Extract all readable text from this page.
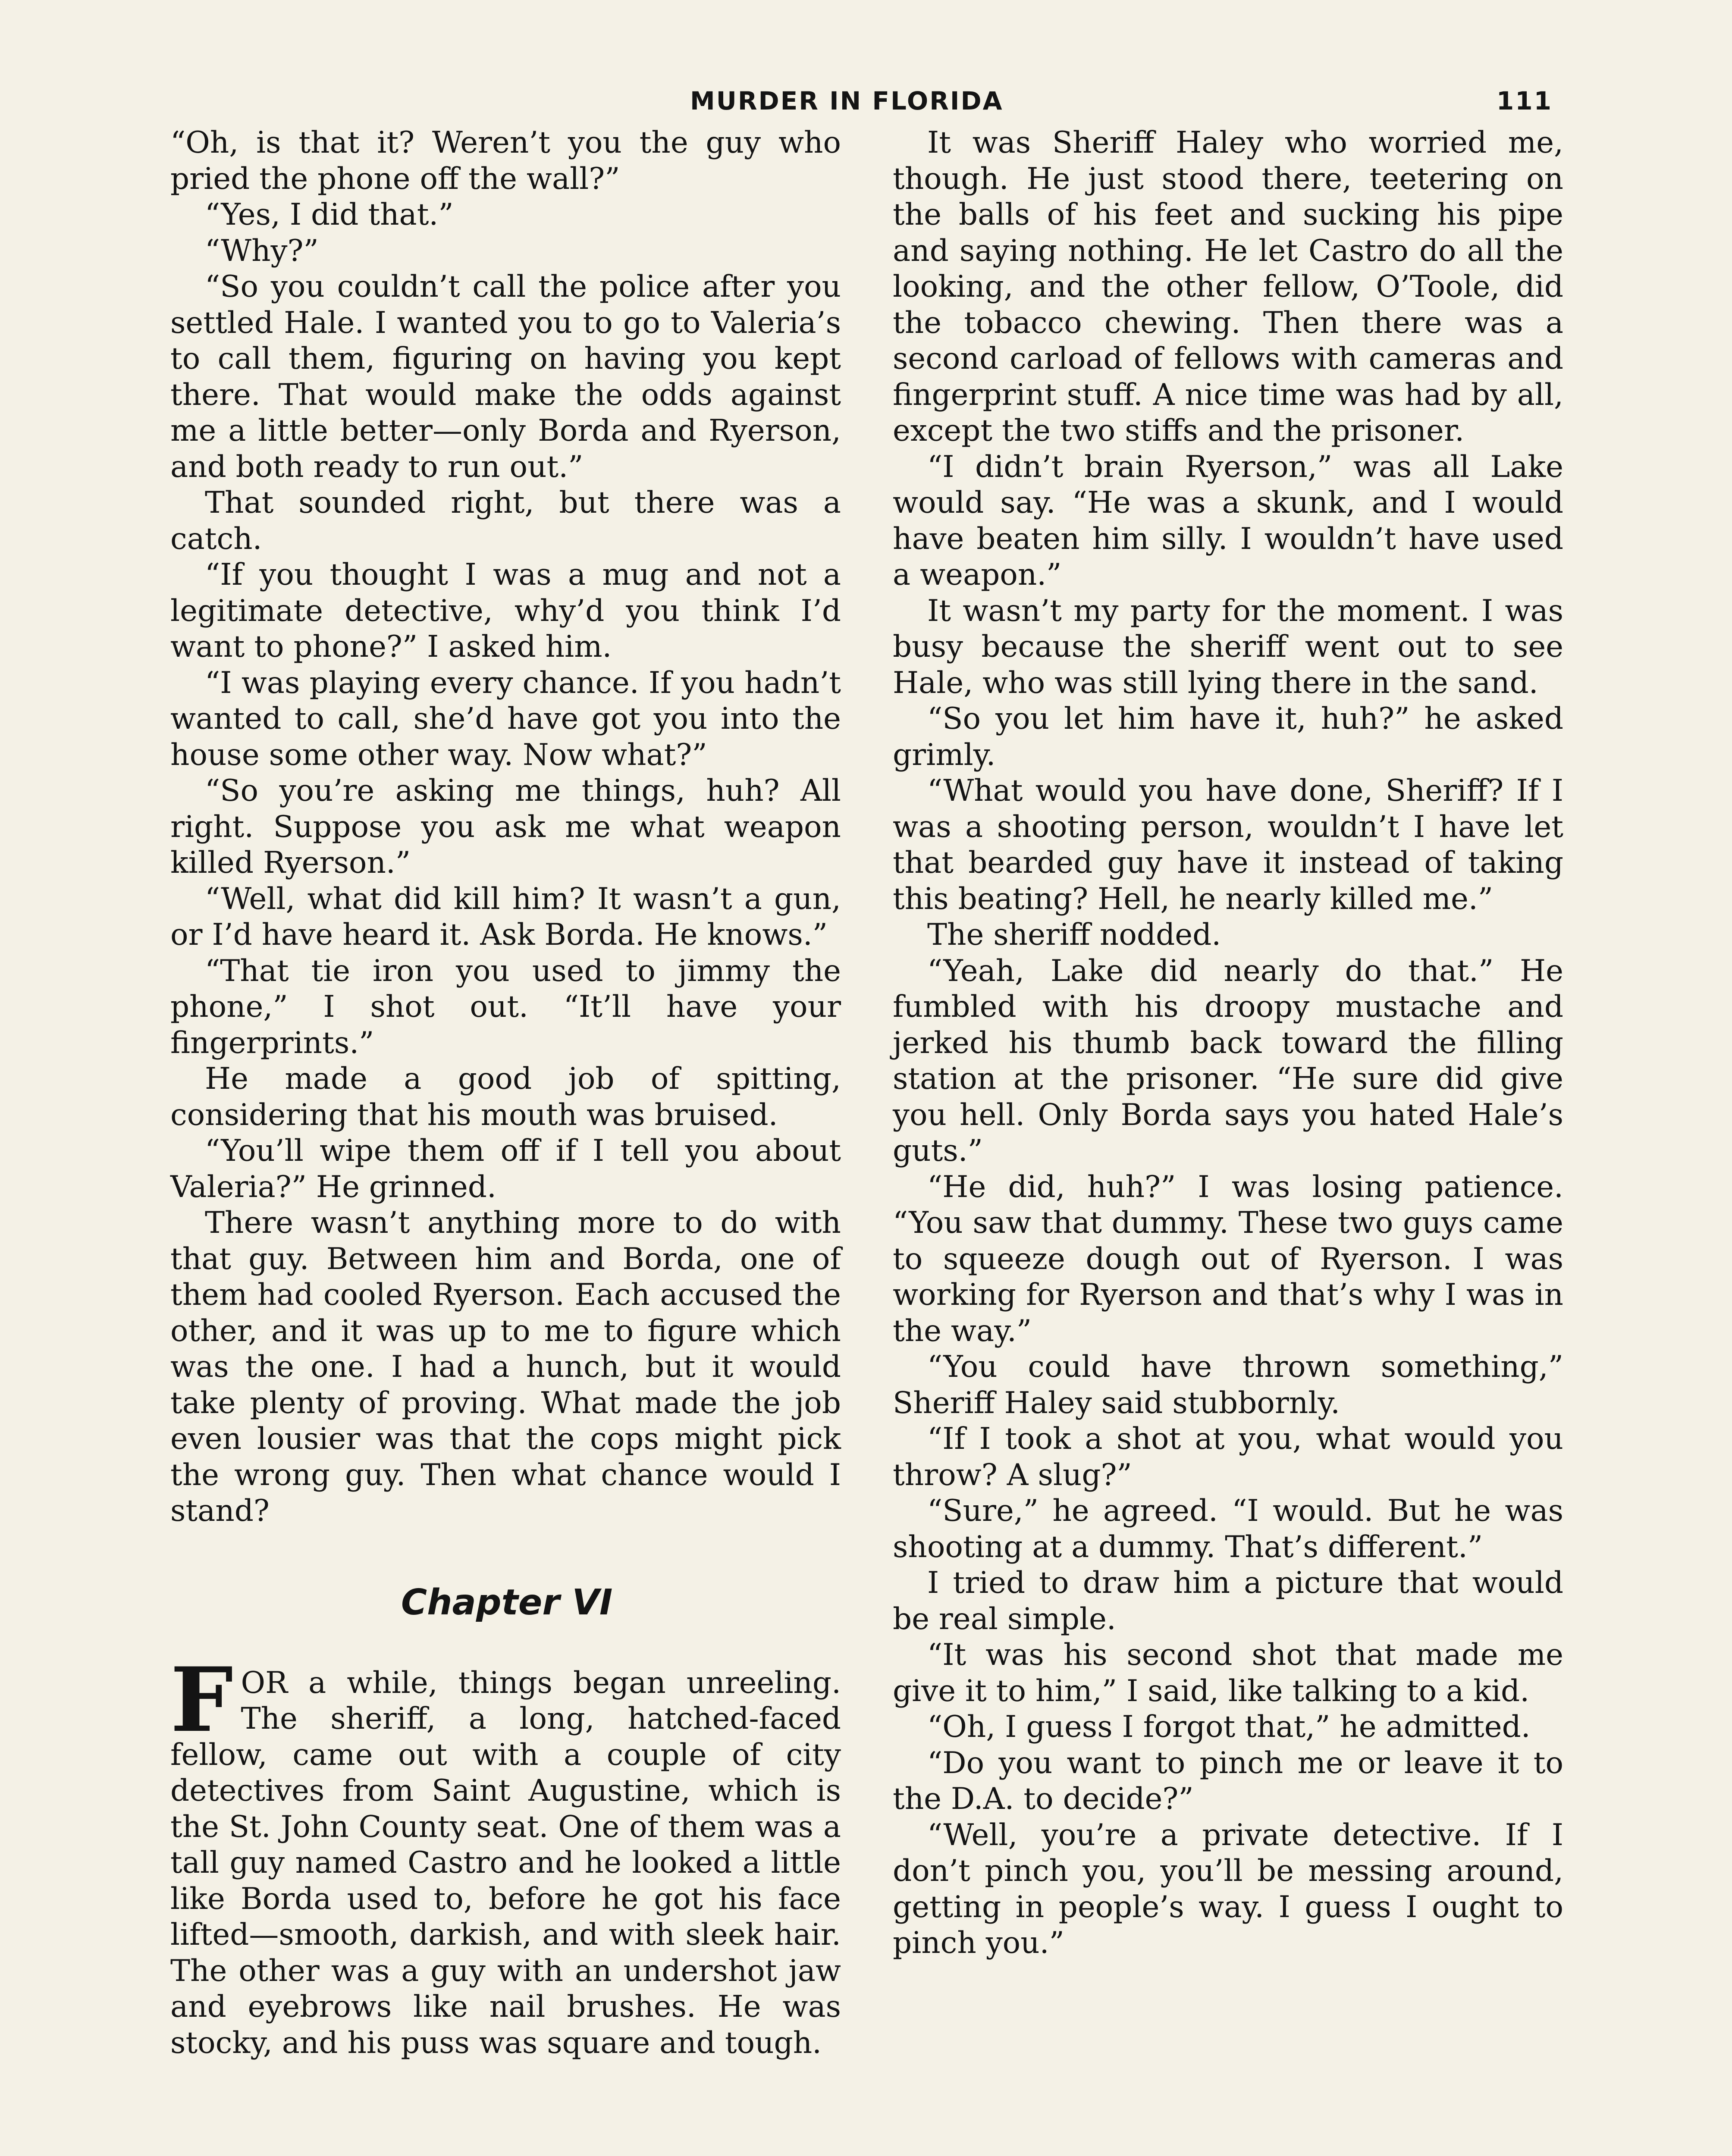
MURDER IN FLORIDA	111

“Oh, is that it? Weren’t you the guy who pried the phone off the wall?”

“Yes, I did that.”

“Why?”

“So you couldn’t call the police after you settled Hale. I wanted you to go to Valeria’s to call them, figuring on having you kept there. That would make the odds against me a little better—only Borda and Ryerson, and both ready to run out.”

That sounded right, but there was a catch.

“If you thought I was a mug and not a legitimate detective, why’d you think I’d want to phone?” I asked him.

“I was playing every chance. If you hadn’t wanted to call, she’d have got you into the house some other way. Now what?”

“So you’re asking me things, huh? All right. Suppose you ask me what weapon killed Ryerson.”

“Well, what did kill him? It wasn’t a gun, or I’d have heard it. Ask Borda. He knows.”

“That tie iron you used to jimmy the phone,” I shot out. “It’ll have your fingerprints.”

He made a good job of spitting, considering that his mouth was bruised.

“You’ll wipe them off if I tell you about Valeria?” He grinned.

There wasn’t anything more to do with that guy. Between him and Borda, one of them had cooled Ryerson. Each accused the other, and it was up to me to figure which was the one. I had a hunch, but it would take plenty of proving. What made the job even lousier was that the cops might pick the wrong guy. Then what chance would I stand?

Chapter VI

FOR a while, things began unreeling. The sheriff, a long, hatched-faced fellow, came out with a couple of city detectives from Saint Augustine, which is the St. John County seat. One of them was a tall guy named Castro and he looked a little like Borda used to, before he got his face lifted—smooth, darkish, and with sleek hair. The other was a guy with an undershot jaw and eyebrows like nail brushes. He was stocky, and his puss was square and tough.

It was Sheriff Haley who worried me, though. He just stood there, teetering on the balls of his feet and sucking his pipe and saying nothing. He let Castro do all the looking, and the other fellow, O’Toole, did the tobacco chewing. Then there was a second carload of fellows with cameras and fingerprint stuff. A nice time was had by all, except the two stiffs and the prisoner.

“I didn’t brain Ryerson,” was all Lake would say. “He was a skunk, and I would have beaten him silly. I wouldn’t have used a weapon.”

It wasn’t my party for the moment. I was busy because the sheriff went out to see Hale, who was still lying there in the sand.

“So you let him have it, huh?” he asked grimly.

“What would you have done, Sheriff? If I was a shooting person, wouldn’t I have let that bearded guy have it instead of taking this beating? Hell, he nearly killed me.”

The sheriff nodded.

“Yeah, Lake did nearly do that.” He fumbled with his droopy mustache and jerked his thumb back toward the filling station at the prisoner. “He sure did give you hell. Only Borda says you hated Hale’s guts.”

“He did, huh?” I was losing patience. “You saw that dummy. These two guys came to squeeze dough out of Ryerson. I was working for Ryerson and that’s why I was in the way.”

“You could have thrown something,” Sheriff Haley said stubbornly.

“If I took a shot at you, what would you throw? A slug?”

“Sure,” he agreed. “I would. But he was shooting at a dummy. That’s different.”

I tried to draw him a picture that would be real simple.

“It was his second shot that made me give it to him,” I said, like talking to a kid.

“Oh, I guess I forgot that,” he admitted.

“Do you want to pinch me or leave it to the D.A. to decide?”

“Well, you’re a private detective. If I don’t pinch you, you’ll be messing around, getting in people’s way. I guess I ought to pinch you.”
